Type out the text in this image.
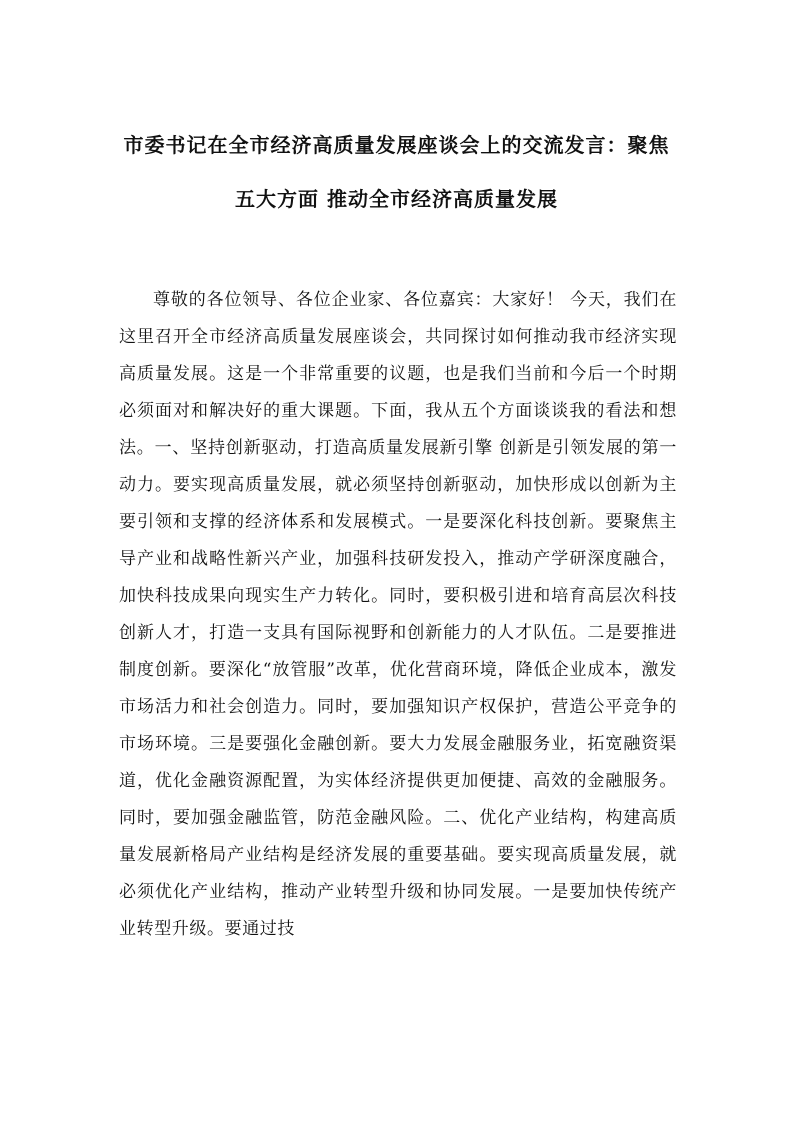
市委书记在全市经济高质量发展座谈会上的交流发言：聚焦
五大方面 推动全市经济高质量发展

尊敬的各位领导、各位企业家、各位嘉宾：大家好！ 今天，我们在这里召开全市经济高质量发展座谈会，共同探讨如何推动我市经济实现高质量发展。这是一个非常重要的议题，也是我们当前和今后一个时期必须面对和解决好的重大课题。下面，我从五个方面谈谈我的看法和想法。一、坚持创新驱动，打造高质量发展新引擎 创新是引领发展的第一动力。要实现高质量发展，就必须坚持创新驱动，加快形成以创新为主要引领和支撑的经济体系和发展模式。一是要深化科技创新。要聚焦主导产业和战略性新兴产业，加强科技研发投入，推动产学研深度融合，加快科技成果向现实生产力转化。同时，要积极引进和培育高层次科技创新人才，打造一支具有国际视野和创新能力的人才队伍。二是要推进制度创新。要深化“放管服”改革，优化营商环境，降低企业成本，激发市场活力和社会创造力。同时，要加强知识产权保护，营造公平竞争的市场环境。三是要强化金融创新。要大力发展金融服务业，拓宽融资渠道，优化金融资源配置，为实体经济提供更加便捷、高效的金融服务。同时，要加强金融监管，防范金融风险。二、优化产业结构，构建高质量发展新格局产业结构是经济发展的重要基础。要实现高质量发展，就必须优化产业结构，推动产业转型升级和协同发展。一是要加快传统产业转型升级。要通过技
